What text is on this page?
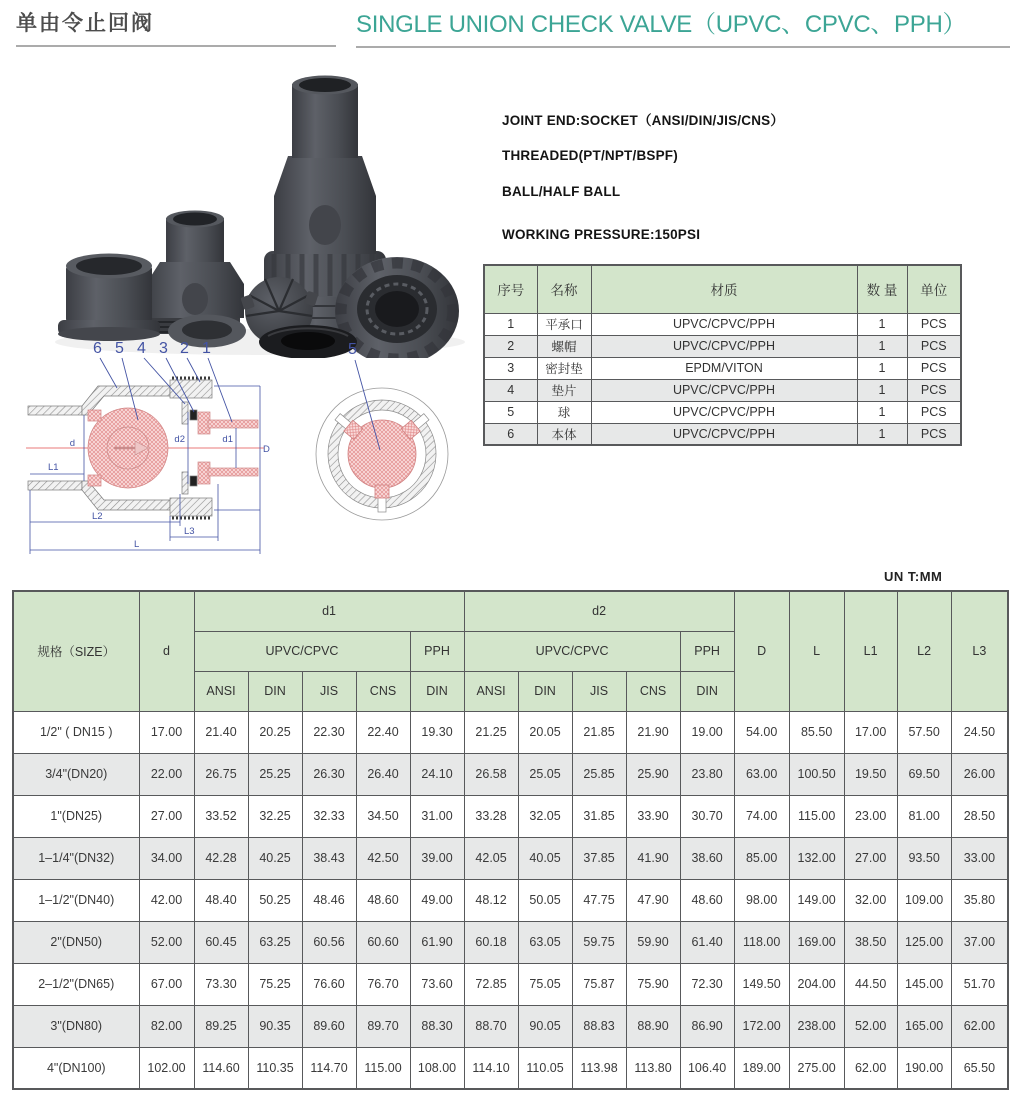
单由令止回阀	SINGLE UNION CHECK VALVE（UPVC、CPVC、PPH）
JOINT END:SOCKET（ANSI/DIN/JIS/CNS）
THREADED(PT/NPT/BSPF)
BALL/HALF BALL
WORKING PRESSURE:150PSI
序号	名称	材质	数 量	单位
1	平承口	UPVC/CPVC/PPH	1	PCS
2	螺帽	UPVC/CPVC/PPH	1	PCS
3	密封垫	EPDM/VITON	1	PCS
4	垫片	UPVC/CPVC/PPH	1	PCS
5	球	UPVC/CPVC/PPH	1	PCS
6	本体	UPVC/CPVC/PPH	1	PCS
d	d2	d1
D
L1
L2
L3
L
6 5 4 3 2 1	5
UN T:MM
规格（SIZE）	d	d1					d2					D	L	L1	L2	L3
		UPVC/CPVC				PPH	UPVC/CPVC				PPH					
		ANSI	DIN	JIS	CNS	DIN	ANSI	DIN	JIS	CNS	DIN					
1/2" ( DN15 )	17.00	21.40	20.25	22.30	22.40	19.30	21.25	20.05	21.85	21.90	19.00	54.00	85.50	17.00	57.50	24.50
3/4"(DN20)	22.00	26.75	25.25	26.30	26.40	24.10	26.58	25.05	25.85	25.90	23.80	63.00	100.50	19.50	69.50	26.00
1"(DN25)	27.00	33.52	32.25	32.33	34.50	31.00	33.28	32.05	31.85	33.90	30.70	74.00	115.00	23.00	81.00	28.50
1–1/4"(DN32)	34.00	42.28	40.25	38.43	42.50	39.00	42.05	40.05	37.85	41.90	38.60	85.00	132.00	27.00	93.50	33.00
1–1/2"(DN40)	42.00	48.40	50.25	48.46	48.60	49.00	48.12	50.05	47.75	47.90	48.60	98.00	149.00	32.00	109.00	35.80
2"(DN50)	52.00	60.45	63.25	60.56	60.60	61.90	60.18	63.05	59.75	59.90	61.40	118.00	169.00	38.50	125.00	37.00
2–1/2"(DN65)	67.00	73.30	75.25	76.60	76.70	73.60	72.85	75.05	75.87	75.90	72.30	149.50	204.00	44.50	145.00	51.70
3"(DN80)	82.00	89.25	90.35	89.60	89.70	88.30	88.70	90.05	88.83	88.90	86.90	172.00	238.00	52.00	165.00	62.00
4"(DN100)	102.00	114.60	110.35	114.70	115.00	108.00	114.10	110.05	113.98	113.80	106.40	189.00	275.00	62.00	190.00	65.50
